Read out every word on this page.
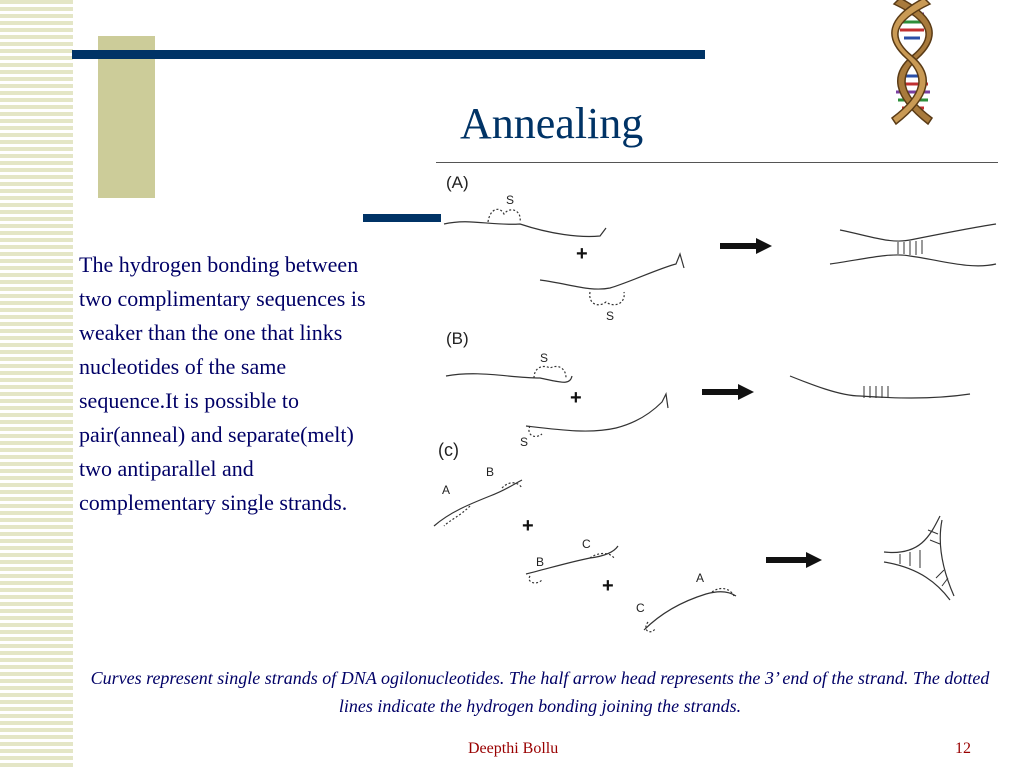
Annealing
The hydrogen bonding between two complimentary sequences is weaker than the one that links nucleotides of the same sequence.It is possible to pair(anneal) and separate(melt) two antiparallel and complementary single strands.
(A)
S
+
S
(B)
S
+
S
(c)
A
B
+
C
B
+
C
A
Curves represent single strands of DNA ogilonucleotides. The half arrow head represents the 3’ end of the strand. The dotted lines indicate the hydrogen bonding joining the strands.
Deepthi Bollu	12
